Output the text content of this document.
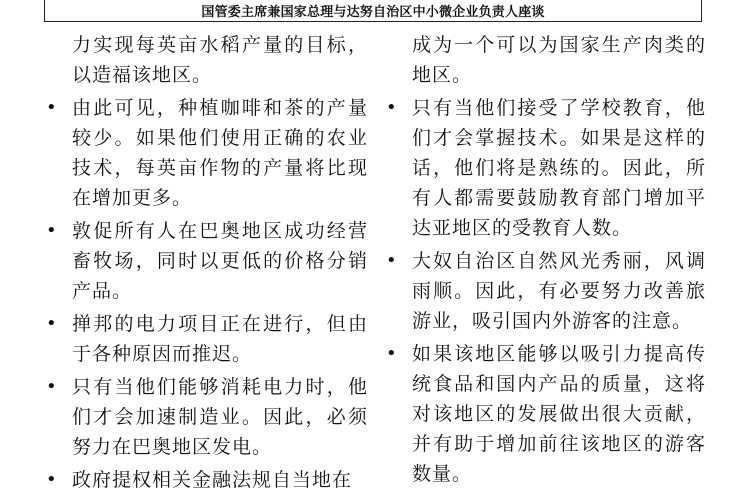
国管委主席兼国家总理与达努自治区中小微企业负责人座谈

力实现每英亩水稻产量的目标，以造福该地区。

• 由此可见，种植咖啡和茶的产量较少。如果他们使用正确的农业技术，每英亩作物的产量将比现在增加更多。

• 敦促所有人在巴奥地区成功经营畜牧场，同时以更低的价格分销产品。

• 掸邦的电力项目正在进行，但由于各种原因而推迟。

• 只有当他们能够消耗电力时，他们才会加速制造业。因此，必须努力在巴奥地区发电。

• 政府提权相关金融法规自当地在

成为一个可以为国家生产肉类的地区。

• 只有当他们接受了学校教育，他们才会掌握技术。如果是这样的话，他们将是熟练的。因此，所有人都需要鼓励教育部门增加平达亚地区的受教育人数。

• 大奴自治区自然风光秀丽，风调雨顺。因此，有必要努力改善旅游业，吸引国内外游客的注意。

• 如果该地区能够以吸引力提高传统食品和国内产品的质量，这将对该地区的发展做出很大贡献，并有助于增加前往该地区的游客数量。
